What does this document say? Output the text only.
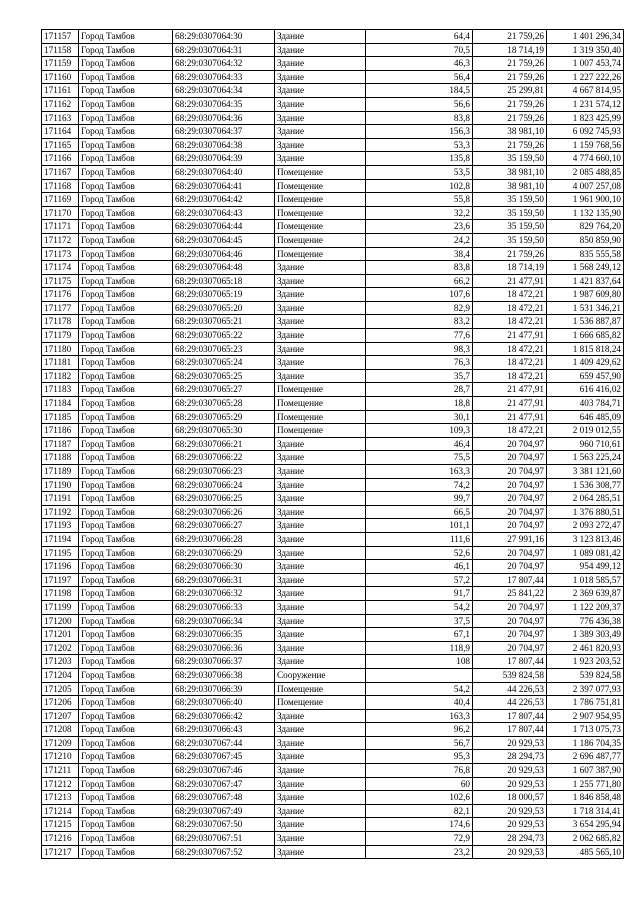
171157	Город Тамбов	68:29:0307064:30	Здание	64,4	21 759,26	1 401 296,34
171158	Город Тамбов	68:29:0307064:31	Здание	70,5	18 714,19	1 319 350,40
171159	Город Тамбов	68:29:0307064:32	Здание	46,3	21 759,26	1 007 453,74
171160	Город Тамбов	68:29:0307064:33	Здание	56,4	21 759,26	1 227 222,26
171161	Город Тамбов	68:29:0307064:34	Здание	184,5	25 299,81	4 667 814,95
171162	Город Тамбов	68:29:0307064:35	Здание	56,6	21 759,26	1 231 574,12
171163	Город Тамбов	68:29:0307064:36	Здание	83,8	21 759,26	1 823 425,99
171164	Город Тамбов	68:29:0307064:37	Здание	156,3	38 981,10	6 092 745,93
171165	Город Тамбов	68:29:0307064:38	Здание	53,3	21 759,26	1 159 768,56
171166	Город Тамбов	68:29:0307064:39	Здание	135,8	35 159,50	4 774 660,10
171167	Город Тамбов	68:29:0307064:40	Помещение	53,5	38 981,10	2 085 488,85
171168	Город Тамбов	68:29:0307064:41	Помещение	102,8	38 981,10	4 007 257,08
171169	Город Тамбов	68:29:0307064:42	Помещение	55,8	35 159,50	1 961 900,10
171170	Город Тамбов	68:29:0307064:43	Помещение	32,2	35 159,50	1 132 135,90
171171	Город Тамбов	68:29:0307064:44	Помещение	23,6	35 159,50	829 764,20
171172	Город Тамбов	68:29:0307064:45	Помещение	24,2	35 159,50	850 859,90
171173	Город Тамбов	68:29:0307064:46	Помещение	38,4	21 759,26	835 555,58
171174	Город Тамбов	68:29:0307064:48	Здание	83,8	18 714,19	1 568 249,12
171175	Город Тамбов	68:29:0307065:18	Здание	66,2	21 477,91	1 421 837,64
171176	Город Тамбов	68:29:0307065:19	Здание	107,6	18 472,21	1 987 609,80
171177	Город Тамбов	68:29:0307065:20	Здание	82,9	18 472,21	1 531 346,21
171178	Город Тамбов	68:29:0307065:21	Здание	83,2	18 472,21	1 536 887,87
171179	Город Тамбов	68:29:0307065:22	Здание	77,6	21 477,91	1 666 685,82
171180	Город Тамбов	68:29:0307065:23	Здание	98,3	18 472,21	1 815 818,24
171181	Город Тамбов	68:29:0307065:24	Здание	76,3	18 472,21	1 409 429,62
171182	Город Тамбов	68:29:0307065:25	Здание	35,7	18 472,21	659 457,90
171183	Город Тамбов	68:29:0307065:27	Помещение	28,7	21 477,91	616 416,02
171184	Город Тамбов	68:29:0307065:28	Помещение	18,8	21 477,91	403 784,71
171185	Город Тамбов	68:29:0307065:29	Помещение	30,1	21 477,91	646 485,09
171186	Город Тамбов	68:29:0307065:30	Помещение	109,3	18 472,21	2 019 012,55
171187	Город Тамбов	68:29:0307066:21	Здание	46,4	20 704,97	960 710,61
171188	Город Тамбов	68:29:0307066:22	Здание	75,5	20 704,97	1 563 225,24
171189	Город Тамбов	68:29:0307066:23	Здание	163,3	20 704,97	3 381 121,60
171190	Город Тамбов	68:29:0307066:24	Здание	74,2	20 704,97	1 536 308,77
171191	Город Тамбов	68:29:0307066:25	Здание	99,7	20 704,97	2 064 285,51
171192	Город Тамбов	68:29:0307066:26	Здание	66,5	20 704,97	1 376 880,51
171193	Город Тамбов	68:29:0307066:27	Здание	101,1	20 704,97	2 093 272,47
171194	Город Тамбов	68:29:0307066:28	Здание	111,6	27 991,16	3 123 813,46
171195	Город Тамбов	68:29:0307066:29	Здание	52,6	20 704,97	1 089 081,42
171196	Город Тамбов	68:29:0307066:30	Здание	46,1	20 704,97	954 499,12
171197	Город Тамбов	68:29:0307066:31	Здание	57,2	17 807,44	1 018 585,57
171198	Город Тамбов	68:29:0307066:32	Здание	91,7	25 841,22	2 369 639,87
171199	Город Тамбов	68:29:0307066:33	Здание	54,2	20 704,97	1 122 209,37
171200	Город Тамбов	68:29:0307066:34	Здание	37,5	20 704,97	776 436,38
171201	Город Тамбов	68:29:0307066:35	Здание	67,1	20 704,97	1 389 303,49
171202	Город Тамбов	68:29:0307066:36	Здание	118,9	20 704,97	2 461 820,93
171203	Город Тамбов	68:29:0307066:37	Здание	108	17 807,44	1 923 203,52
171204	Город Тамбов	68:29:0307066:38	Сооружение		539 824,58	539 824,58
171205	Город Тамбов	68:29:0307066:39	Помещение	54,2	44 226,53	2 397 077,93
171206	Город Тамбов	68:29:0307066:40	Помещение	40,4	44 226,53	1 786 751,81
171207	Город Тамбов	68:29:0307066:42	Здание	163,3	17 807,44	2 907 954,95
171208	Город Тамбов	68:29:0307066:43	Здание	96,2	17 807,44	1 713 075,73
171209	Город Тамбов	68:29:0307067:44	Здание	56,7	20 929,53	1 186 704,35
171210	Город Тамбов	68:29:0307067:45	Здание	95,3	28 294,73	2 696 487,77
171211	Город Тамбов	68:29:0307067:46	Здание	76,8	20 929,53	1 607 387,90
171212	Город Тамбов	68:29:0307067:47	Здание	60	20 929,53	1 255 771,80
171213	Город Тамбов	68:29:0307067:48	Здание	102,6	18 000,57	1 846 858,48
171214	Город Тамбов	68:29:0307067:49	Здание	82,1	20 929,53	1 718 314,41
171215	Город Тамбов	68:29:0307067:50	Здание	174,6	20 929,53	3 654 295,94
171216	Город Тамбов	68:29:0307067:51	Здание	72,9	28 294,73	2 062 685,82
171217	Город Тамбов	68:29:0307067:52	Здание	23,2	20 929,53	485 565,10
